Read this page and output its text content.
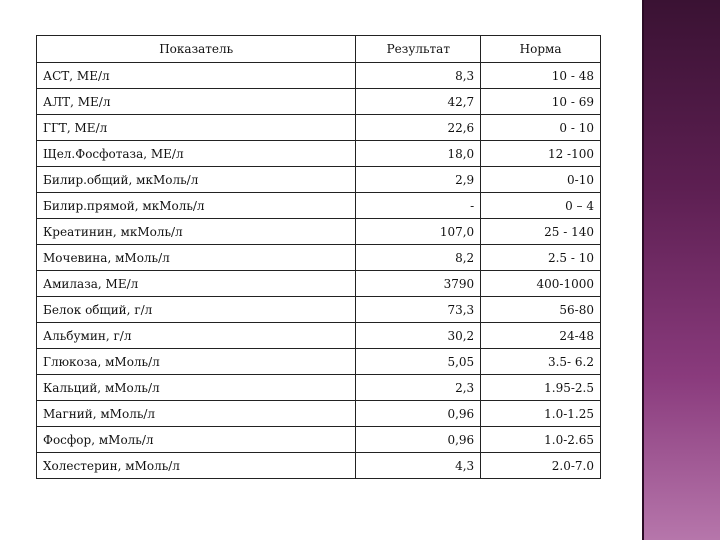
Показатель	Результат	Норма
АСТ, МЕ/л	8,3	10 - 48
АЛТ, МЕ/л	42,7	10 - 69
ГГТ, МЕ/л	22,6	0 - 10
Щел.Фосфотаза, МЕ/л	18,0	12 -100
Билир.общий, мкМоль/л	2,9	0-10
Билир.прямой, мкМоль/л	-	0 – 4
Креатинин, мкМоль/л	107,0	25 - 140
Мочевина, мМоль/л	8,2	2.5 - 10
Амилаза, МЕ/л	3790	400-1000
Белок общий, г/л	73,3	56-80
Альбумин, г/л	30,2	24-48
Глюкоза, мМоль/л	5,05	3.5- 6.2
Кальций, мМоль/л	2,3	1.95-2.5
Магний, мМоль/л	0,96	1.0-1.25
Фосфор, мМоль/л	0,96	1.0-2.65
Холестерин, мМоль/л	4,3	2.0-7.0
